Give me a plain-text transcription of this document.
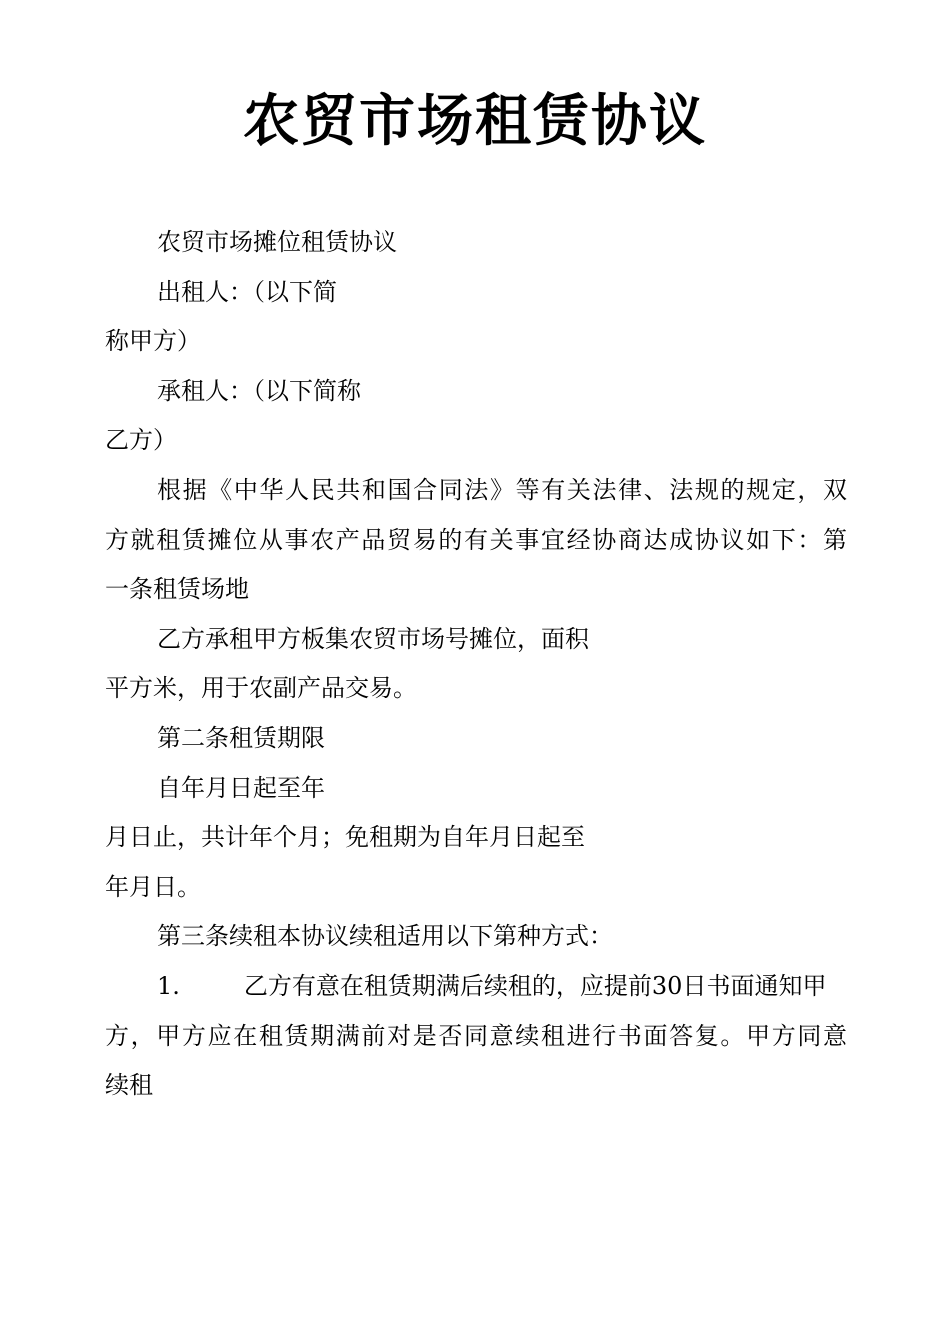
农贸市场租赁协议
农贸市场摊位租赁协议
出租人：（以下简
称甲方）
承租人：（以下简称
乙方）
根据《中华人民共和国合同法》等有关法律、法规的规定，双
方就租赁摊位从事农产品贸易的有关事宜经协商达成协议如下：第
一条租赁场地
乙方承租甲方板集农贸市场号摊位，面积
平方米，用于农副产品交易。
第二条租赁期限
自年月日起至年
月日止，共计年个月；免租期为自年月日起至
年月日。
第三条续租本协议续租适用以下第种方式：
1.	乙方有意在租赁期满后续租的，应提前30日书面通知甲
方，甲方应在租赁期满前对是否同意续租进行书面答复。甲方同意
续租
